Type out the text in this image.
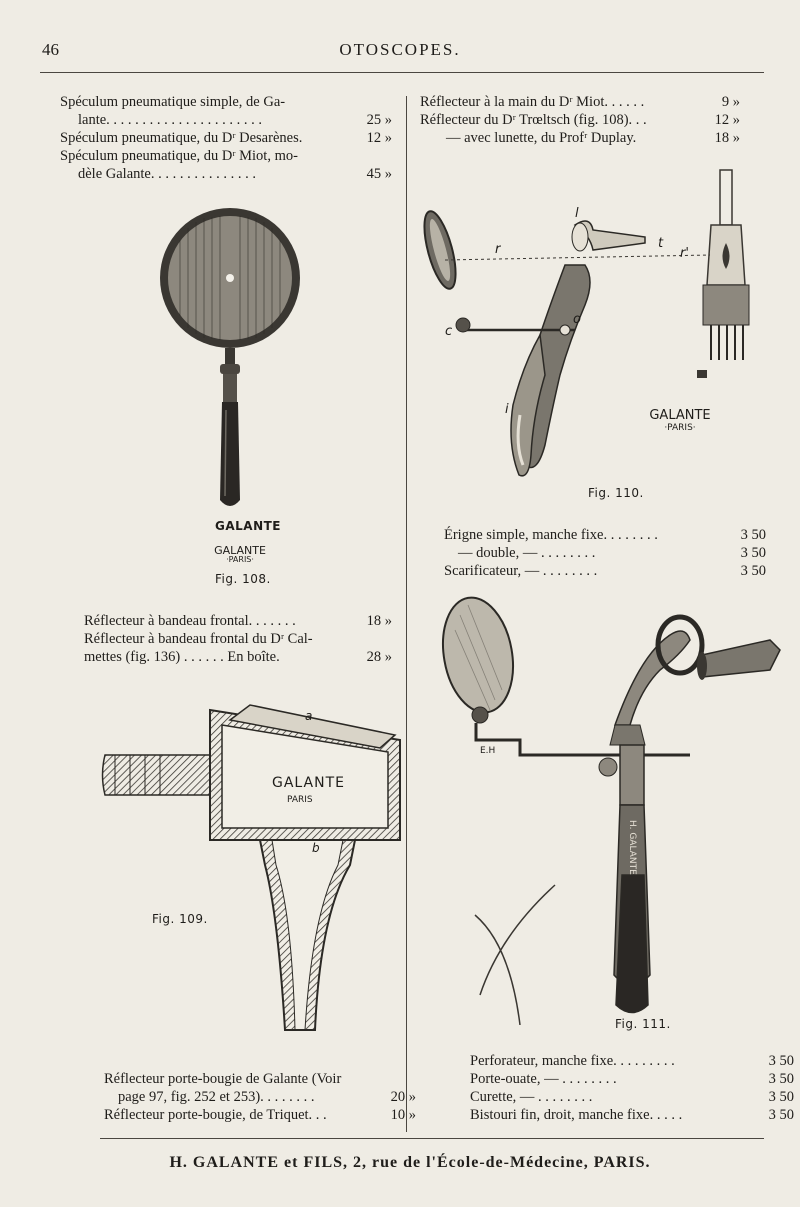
46	OTOSCOPES.
Spéculum pneumatique simple, de Ga-
lante. . . . . . . . . . . . . . . . . . . . . .	25 »
Spéculum pneumatique, du Dʳ Desarènes.	12 »
Spéculum pneumatique, du Dʳ Miot, mo-
dèle Galante. . . . . . . . . . . . . . .	45 »
Réflecteur à la main du Dʳ Miot. . . . . .	9 »
Réflecteur du Dʳ Trœltsch (fig. 108). . .	12 »
— avec lunette, du Profʳ Duplay.	18 »
GALANTE
GALANTE
·PARIS·
Fig. 108.
l
t
r	r'
c
o
i	GALANTE
·PARIS·
Fig. 110.
Réflecteur à bandeau frontal. . . . . . .	18 »
Réflecteur à bandeau frontal du Dʳ Cal-
mettes (fig. 136) . . . . . . En boîte.	28 »
Érigne simple, manche fixe. . . . . . . .	3 50
— double, — . . . . . . . .	3 50
Scarificateur, — . . . . . . . .	3 50
GALANTE
PARIS
a
b
Fig. 109.
H. GALANTE
E.H
Fig. 111.
Réflecteur porte-bougie de Galante (Voir
page 97, fig. 252 et 253). . . . . . . .	20 »
Réflecteur porte-bougie, de Triquet. . .	10 »
Perforateur, manche fixe. . . . . . . . .	3 50
Porte-ouate, — . . . . . . . .	3 50
Curette, — . . . . . . . .	3 50
Bistouri fin, droit, manche fixe. . . . .	3 50
H. GALANTE et FILS, 2, rue de l'École-de-Médecine, PARIS.
